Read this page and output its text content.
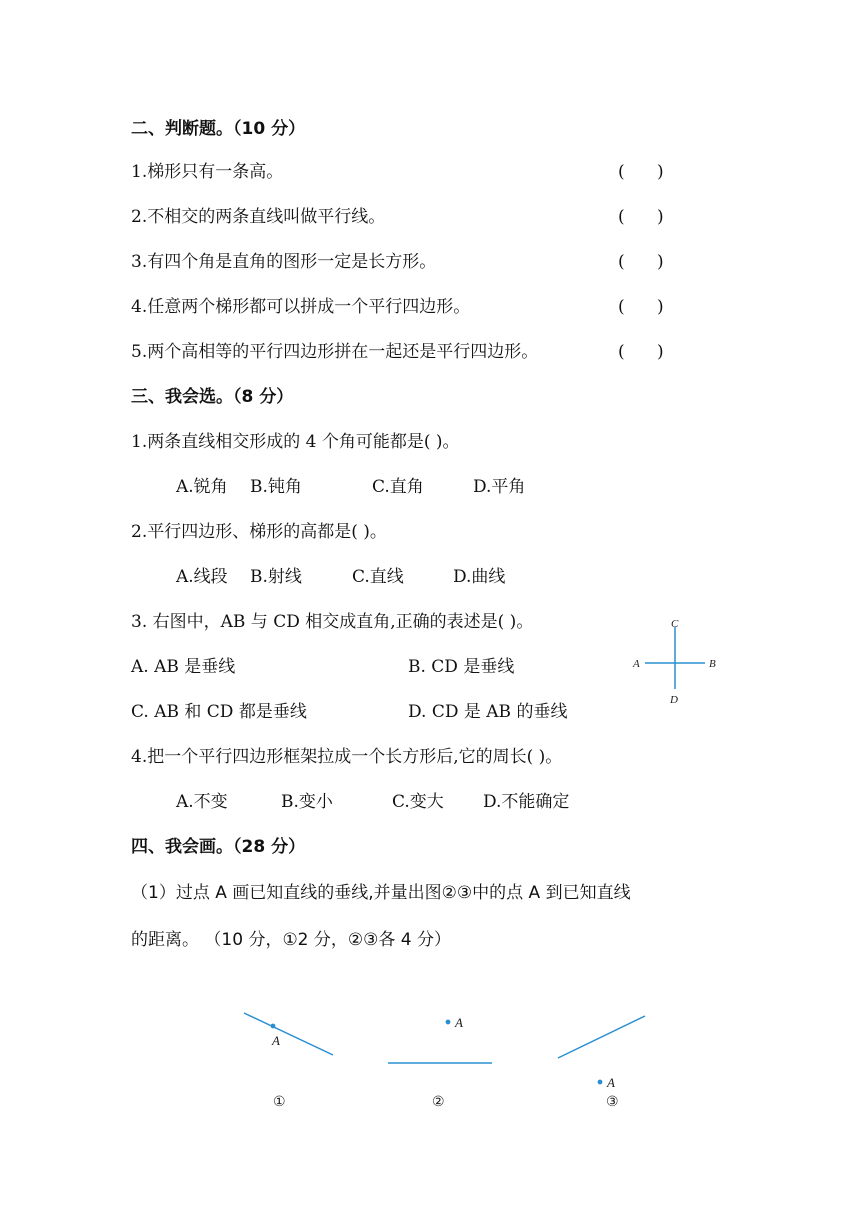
二、判断题。（10 分）
1.梯形只有一条高。	(      )
2.不相交的两条直线叫做平行线。	(      )
3.有四个角是直角的图形一定是长方形。	(      )
4.任意两个梯形都可以拼成一个平行四边形。	(      )
5.两个高相等的平行四边形拼在一起还是平行四边形。	(      )
三、我会选。（8 分）
1.两条直线相交形成的 4 个角可能都是( )。
A.锐角 B.钝角	C.直角	D.平角
2.平行四边形、梯形的高都是( )。
A.线段 B.射线	C.直线	D.曲线
3. 右图中，AB 与 CD 相交成直角,正确的表述是( )。
A. AB 是垂线	B. CD 是垂线
C. AB 和 CD 都是垂线	D. CD 是 AB 的垂线
C
A	B
D
4.把一个平行四边形框架拉成一个长方形后,它的周长( )。
A.不变	B.变小	C.变大 D.不能确定
四、我会画。（28 分）
（1）过点 A 画已知直线的垂线,并量出图②③中的点 A 到已知直线
的距离。 （10 分，①2 分，②③各 4 分）
A
①
A
②
A
③
